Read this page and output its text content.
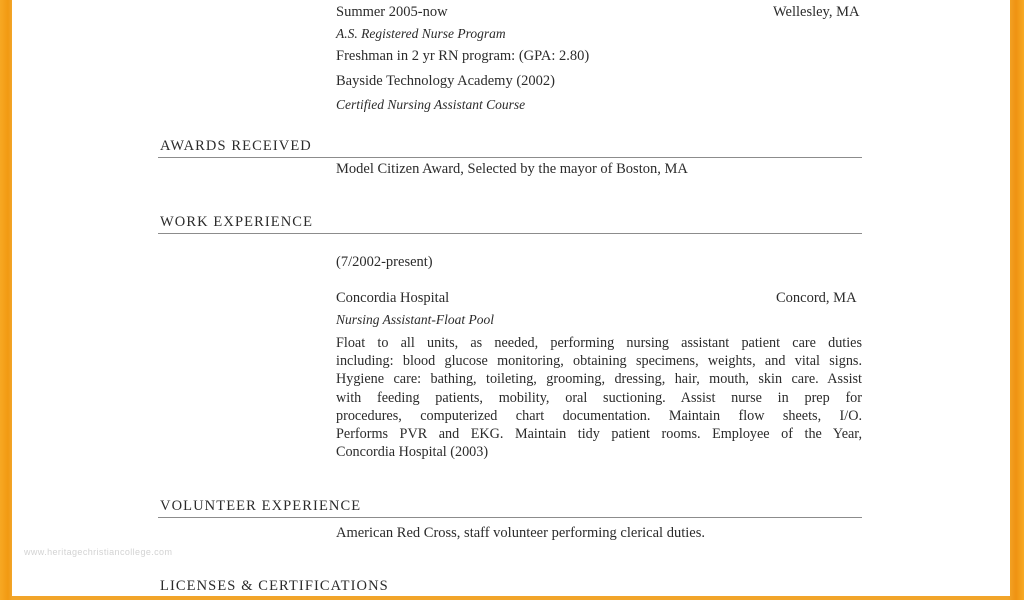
Summer 2005-now	Wellesley, MA
A.S. Registered Nurse Program
Freshman in 2 yr RN program: (GPA: 2.80)
Bayside Technology Academy (2002)
Certified Nursing Assistant Course
AWARDS RECEIVED
Model Citizen Award, Selected by the mayor of Boston, MA
WORK EXPERIENCE
(7/2002-present)
Concordia Hospital	Concord, MA
Nursing Assistant-Float Pool
Float to all units, as needed, performing nursing assistant patient care duties
including: blood glucose monitoring, obtaining specimens, weights, and vital signs.
Hygiene care: bathing, toileting, grooming, dressing, hair, mouth, skin care. Assist
with feeding patients, mobility, oral suctioning. Assist nurse in prep for
procedures, computerized chart documentation. Maintain flow sheets, I/O.
Performs PVR and EKG. Maintain tidy patient rooms. Employee of the Year,
Concordia Hospital (2003)
VOLUNTEER EXPERIENCE
American Red Cross, staff volunteer performing clerical duties.
LICENSES & CERTIFICATIONS
www.heritagechristiancollege.com
